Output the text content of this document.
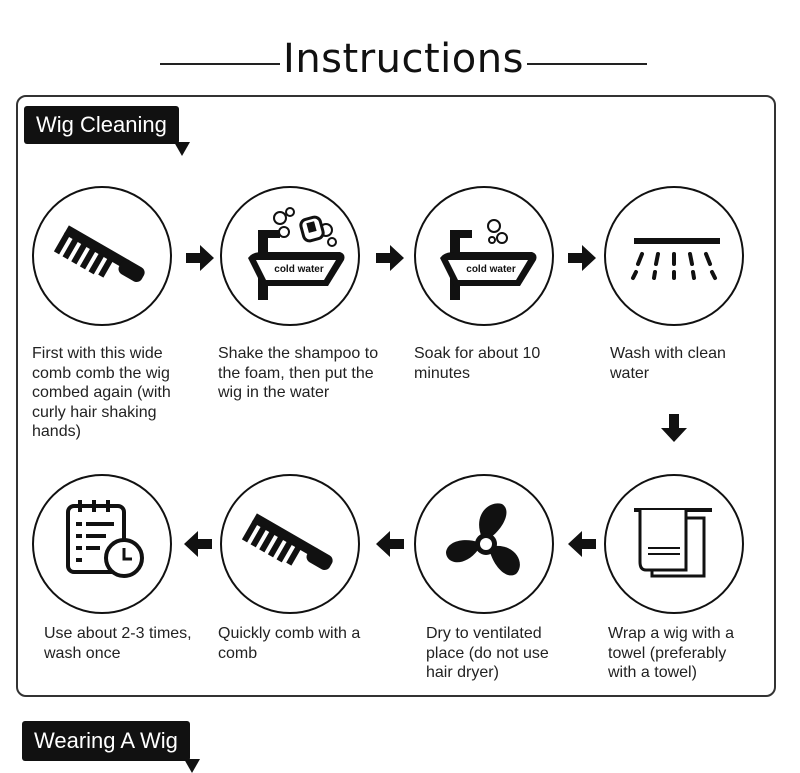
Instructions
Wig Cleaning
cold water	cold water
First with this wide comb comb the wig combed again (with curly hair shaking hands)
Shake the shampoo to the foam, then put the wig in the water
Soak for about 10 minutes
Wash with clean water
Use about 2-3 times, wash once
Quickly comb with a comb
Dry to ventilated place (do not use hair dryer)
Wrap a wig with a towel (preferably with a towel)
Wearing A Wig
